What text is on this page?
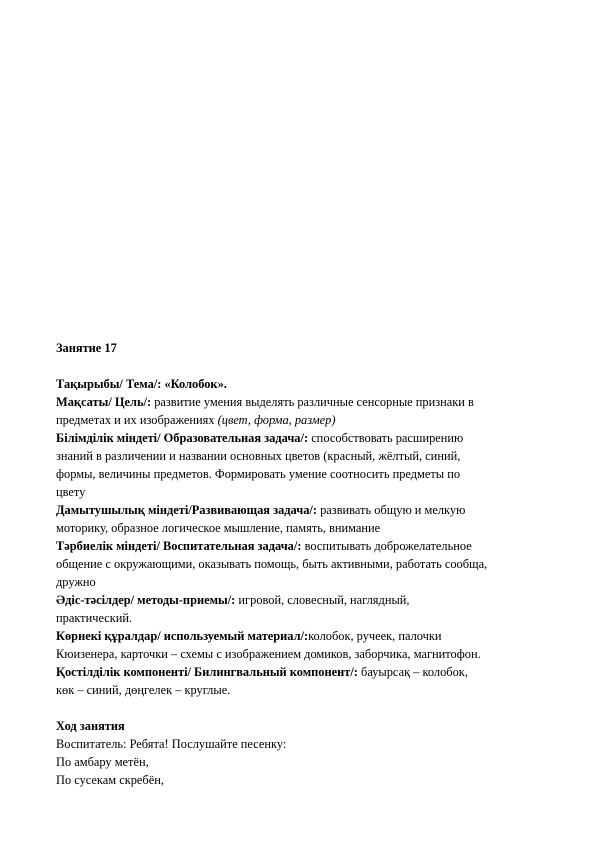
Занятие 17
Тақырыбы/ Тема/: «Колобок».
Мақсаты/ Цель/: развитие умения выделять различные сенсорные признаки в
предметах и их изображениях (цвет, форма, размер)
Білімділік міндеті/ Образовательная задача/: способствовать расширению
знаний в различении и названии основных цветов (красный, жёлтый, синий,
формы, величины предметов. Формировать умение соотносить предметы по
цвету
Дамытушылық міндеті/Развивающая задача/: развивать общую и мелкую
моторику, образное логическое мышление, память, внимание
Тәрбиелік міндеті/ Воспитательная задача/: воспитывать доброжелательное
общение с окружающими, оказывать помощь, быть активными, работать сообща,
дружно
Әдіс-тәсілдер/ методы-приемы/: игровой, словесный, наглядный,
практический.
Көрнекі құралдар/ используемый материал/:колобок, ручеек, палочки
Кюизенера, карточки – схемы с изображением домиков, заборчика, магнитофон.
Қостілділік компоненті/ Билингвальный компонент/: бауырсақ – колобок,
көк – синий, дөңгелек – круглые.
Ход занятия
Воспитатель: Ребята! Послушайте песенку:
По амбару метён,
По сусекам скребён,
